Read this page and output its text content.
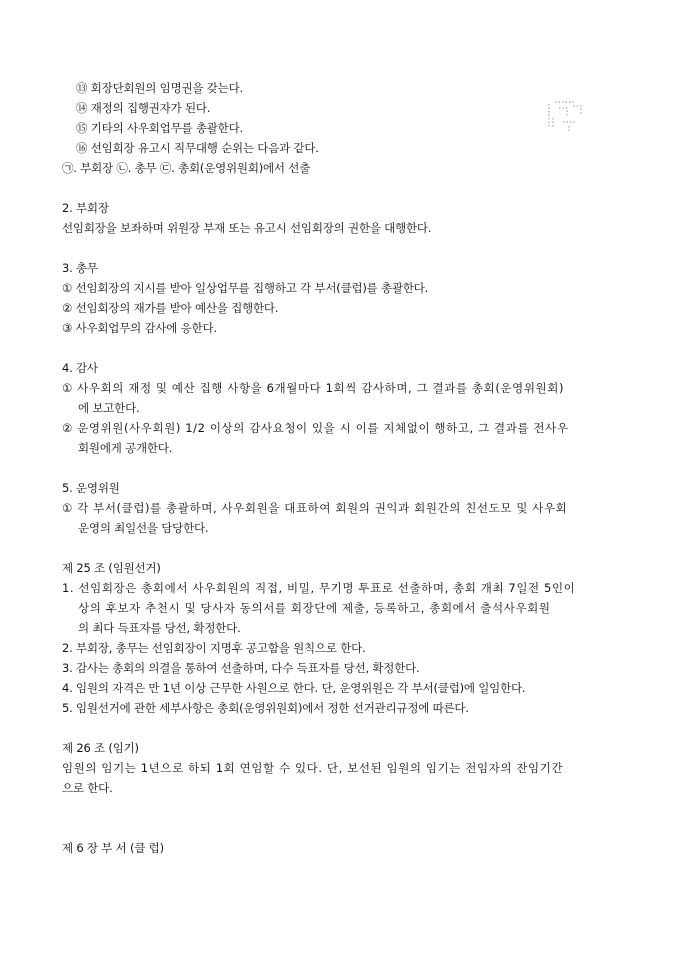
⑬ 회장단회원의 임명권을 갖는다.
⑭ 재정의 집행권자가 된다.
⑮ 기타의 사우회업무를 총괄한다.
⑯ 선임회장 유고시 직무대행 순위는 다음과 같다.
㉠. 부회장 ㉡. 총무 ㉢. 총회(운영위원회)에서 선출
2. 부회장
선임회장을 보좌하며 위원장 부재 또는 유고시 선임회장의 권한을 대행한다.
3. 총무
① 선임회장의 지시를 받아 일상업무를 집행하고 각 부서(클럽)를 총괄한다.
② 선임회장의 재가를 받아 예산을 집행한다.
③ 사우회업무의 감사에 응한다.
4. 감사
① 사우회의 재정 및 예산 집행 사항을 6개월마다 1회씩 감사하며, 그 결과를 총회(운영위원회)
에 보고한다.
② 운영위원(사우회원) 1/2 이상의 감사요청이 있을 시 이를 지체없이 행하고, 그 결과를 전사우
회원에게 공개한다.
5. 운영위원
① 각 부서(클럽)를 총괄하며, 사우회원을 대표하여 회원의 권익과 회원간의 친선도모 및 사우회
운영의 최일선을 담당한다.
제 25 조 (임원선거)
1. 선임회장은 총회에서 사우회원의 직접, 비밀, 무기명 투표로 선출하며, 총회 개최 7일전 5인이
상의 후보자 추천시 및 당사자 동의서를 회장단에 제출, 등록하고, 총회에서 출석사우회원
의 최다 득표자를 당선, 확정한다.
2. 부회장, 총무는 선임회장이 지명후 공고함을 원칙으로 한다.
3. 감사는 총회의 의결을 통하여 선출하며, 다수 득표자를 당선, 확정한다.
4. 임원의 자격은 만 1년 이상 근무한 사원으로 한다. 단, 운영위원은 각 부서(클럽)에 일임한다.
5. 임원선거에 관한 세부사항은 총회(운영위원회)에서 정한 선거관리규정에 따른다.
제 26 조 (임기)
임원의 임기는 1년으로 하되 1회 연임할 수 있다. 단, 보선된 임원의 임기는 전임자의 잔임기간
으로 한다.
제 6 장 부 서 (클 럽)
